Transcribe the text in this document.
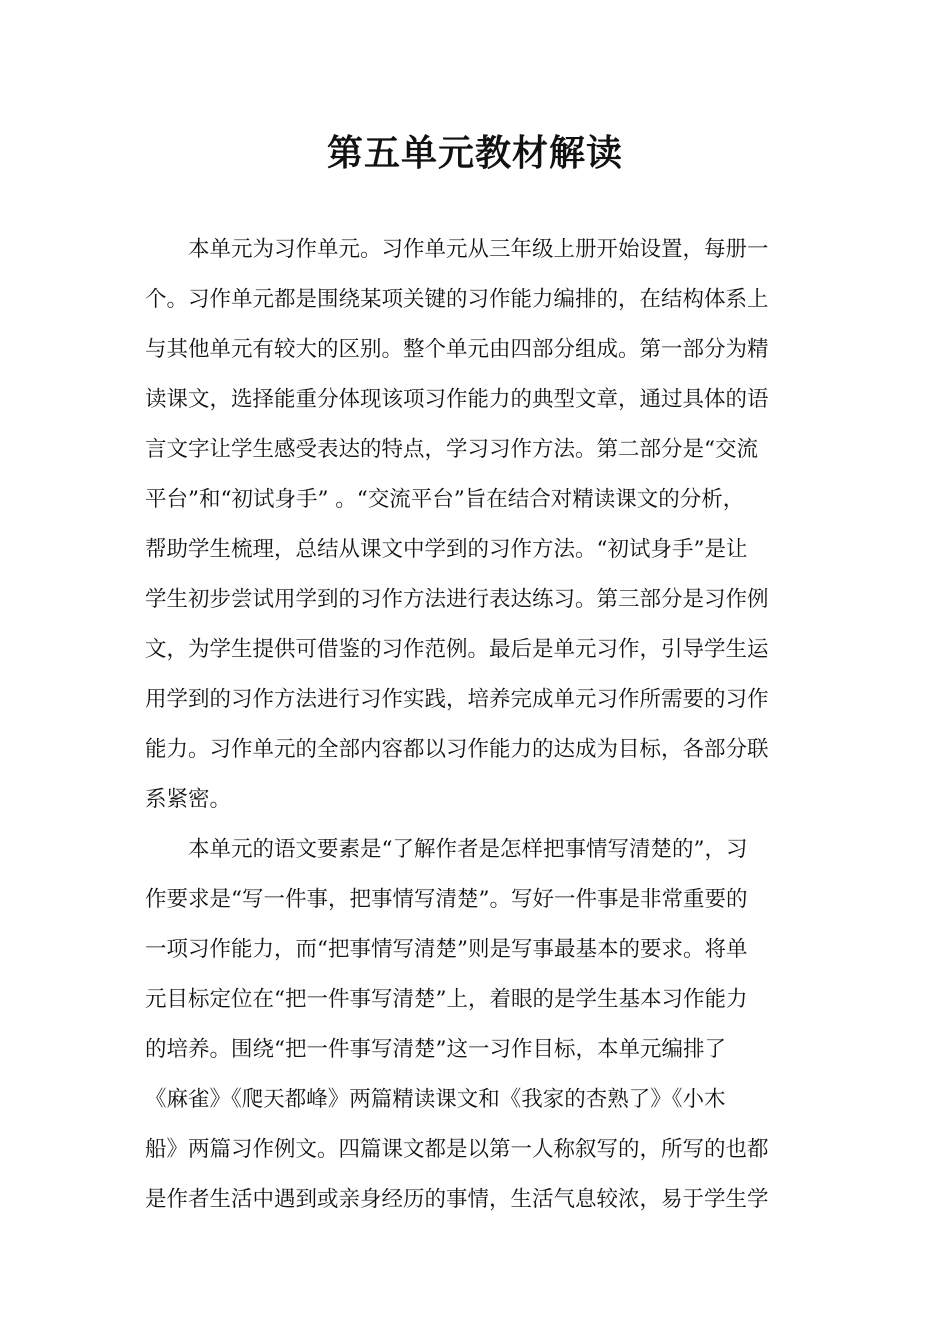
第五单元教材解读
本单元为习作单元。习作单元从三年级上册开始设置，每册一
个。习作单元都是围绕某项关键的习作能力编排的，在结构体系上
与其他单元有较大的区别。整个单元由四部分组成。第一部分为精
读课文，选择能重分体现该项习作能力的典型文章，通过具体的语
言文字让学生感受表达的特点，学习习作方法。第二部分是“交流
平台”和“初试身手” 。“交流平台”旨在结合对精读课文的分析，
帮助学生梳理，总结从课文中学到的习作方法。“初试身手”是让
学生初步尝试用学到的习作方法进行表达练习。第三部分是习作例
文，为学生提供可借鉴的习作范例。最后是单元习作，引导学生运
用学到的习作方法进行习作实践，培养完成单元习作所需要的习作
能力。习作单元的全部内容都以习作能力的达成为目标，各部分联
系紧密。
本单元的语文要素是“了解作者是怎样把事情写清楚的”，习
作要求是“写一件事，把事情写清楚”。写好一件事是非常重要的
一项习作能力，而“把事情写清楚”则是写事最基本的要求。将单
元目标定位在“把一件事写清楚”上，着眼的是学生基本习作能力
的培养。围绕“把一件事写清楚”这一习作目标，本单元编排了
《麻雀》《爬天都峰》两篇精读课文和《我家的杏熟了》《小木
船》两篇习作例文。四篇课文都是以第一人称叙写的，所写的也都
是作者生活中遇到或亲身经历的事情，生活气息较浓，易于学生学
